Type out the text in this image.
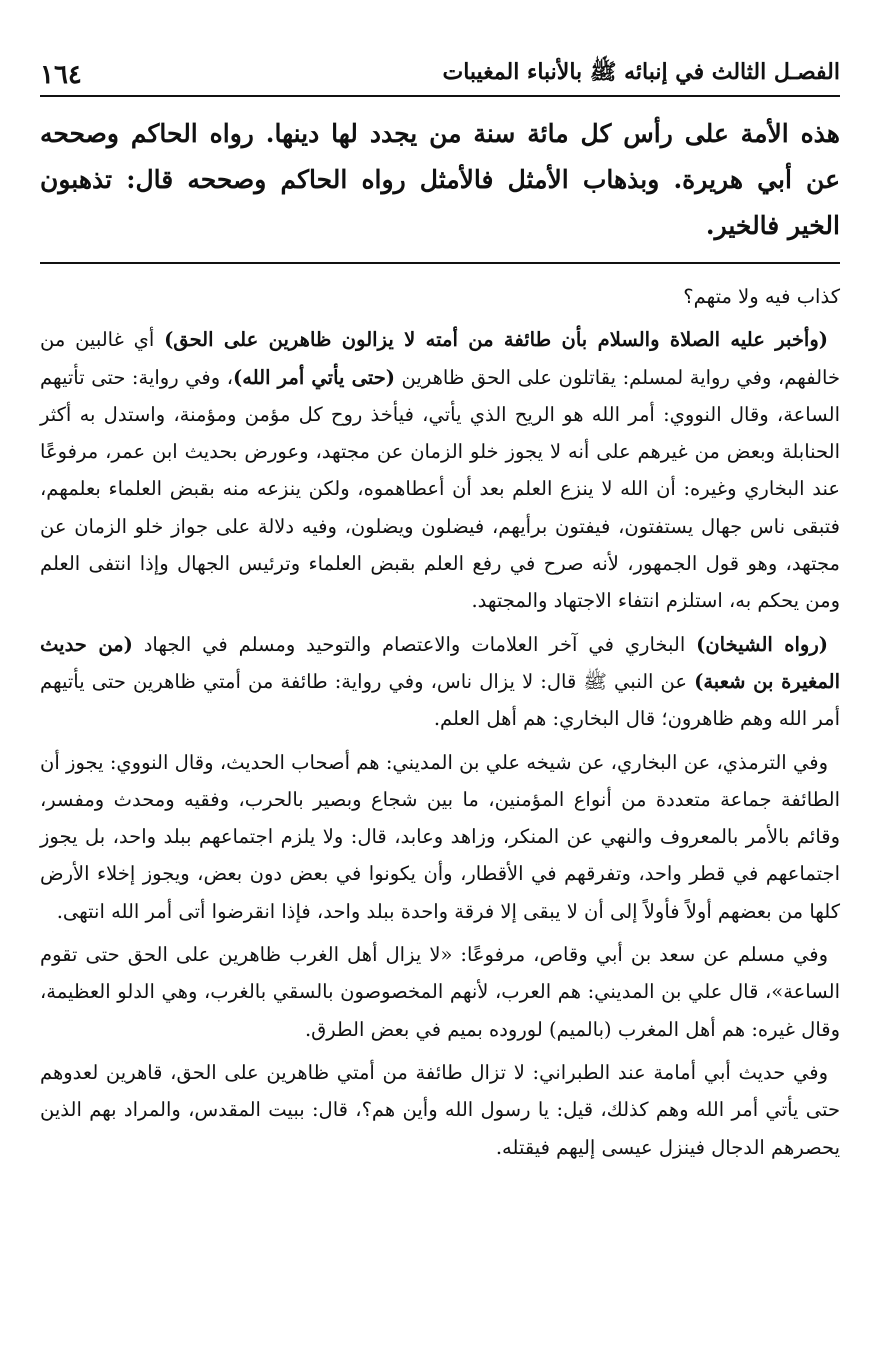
١٦٤	الفصـل الثالث في إنبائه ﷺ بالأنباء المغيبات
هذه الأمة على رأس كل مائة سنة من يجدد لها دينها. رواه الحاكم وصححه عن أبي هريرة. وبذهاب الأمثل فالأمثل رواه الحاكم وصححه قال: تذهبون الخير فالخير.

كذاب فيه ولا متهم؟

(وأخبر عليه الصلاة والسلام بأن طائفة من أمته لا يزالون ظاهرين على الحق) أي غالبين من خالفهم، وفي رواية لمسلم: يقاتلون على الحق ظاهرين (حتى يأتي أمر الله)، وفي رواية: حتى تأتيهم الساعة، وقال النووي: أمر الله هو الريح الذي يأتي، فيأخذ روح كل مؤمن ومؤمنة، واستدل به أكثر الحنابلة وبعض من غيرهم على أنه لا يجوز خلو الزمان عن مجتهد، وعورض بحديث ابن عمر، مرفوعًا عند البخاري وغيره: أن الله لا ينزع العلم بعد أن أعطاهموه، ولكن ينزعه منه بقبض العلماء بعلمهم، فتبقى ناس جهال يستفتون، فيفتون برأيهم، فيضلون ويضلون، وفيه دلالة على جواز خلو الزمان عن مجتهد، وهو قول الجمهور، لأنه صرح في رفع العلم بقبض العلماء وترئيس الجهال وإذا انتفى العلم ومن يحكم به، استلزم انتفاء الاجتهاد والمجتهد.

(رواه الشيخان) البخاري في آخر العلامات والاعتصام والتوحيد ومسلم في الجهاد (من حديث المغيرة بن شعبة) عن النبي ﷺ قال: لا يزال ناس، وفي رواية: طائفة من أمتي ظاهرين حتى يأتيهم أمر الله وهم ظاهرون؛ قال البخاري: هم أهل العلم.

وفي الترمذي، عن البخاري، عن شيخه علي بن المديني: هم أصحاب الحديث، وقال النووي: يجوز أن الطائفة جماعة متعددة من أنواع المؤمنين، ما بين شجاع وبصير بالحرب، وفقيه ومحدث ومفسر، وقائم بالأمر بالمعروف والنهي عن المنكر، وزاهد وعابد، قال: ولا يلزم اجتماعهم ببلد واحد، بل يجوز اجتماعهم في قطر واحد، وتفرقهم في الأقطار، وأن يكونوا في بعض دون بعض، ويجوز إخلاء الأرض كلها من بعضهم أولاً فأولاً إلى أن لا يبقى إلا فرقة واحدة ببلد واحد، فإذا انقرضوا أتى أمر الله انتهى.

وفي مسلم عن سعد بن أبي وقاص، مرفوعًا: «لا يزال أهل الغرب ظاهرين على الحق حتى تقوم الساعة»، قال علي بن المديني: هم العرب، لأنهم المخصوصون بالسقي بالغرب، وهي الدلو العظيمة، وقال غيره: هم أهل المغرب (بالميم) لوروده بميم في بعض الطرق.

وفي حديث أبي أمامة عند الطبراني: لا تزال طائفة من أمتي ظاهرين على الحق، قاهرين لعدوهم حتى يأتي أمر الله وهم كذلك، قيل: يا رسول الله وأين هم؟، قال: ببيت المقدس، والمراد بهم الذين يحصرهم الدجال فينزل عيسى إليهم فيقتله.
